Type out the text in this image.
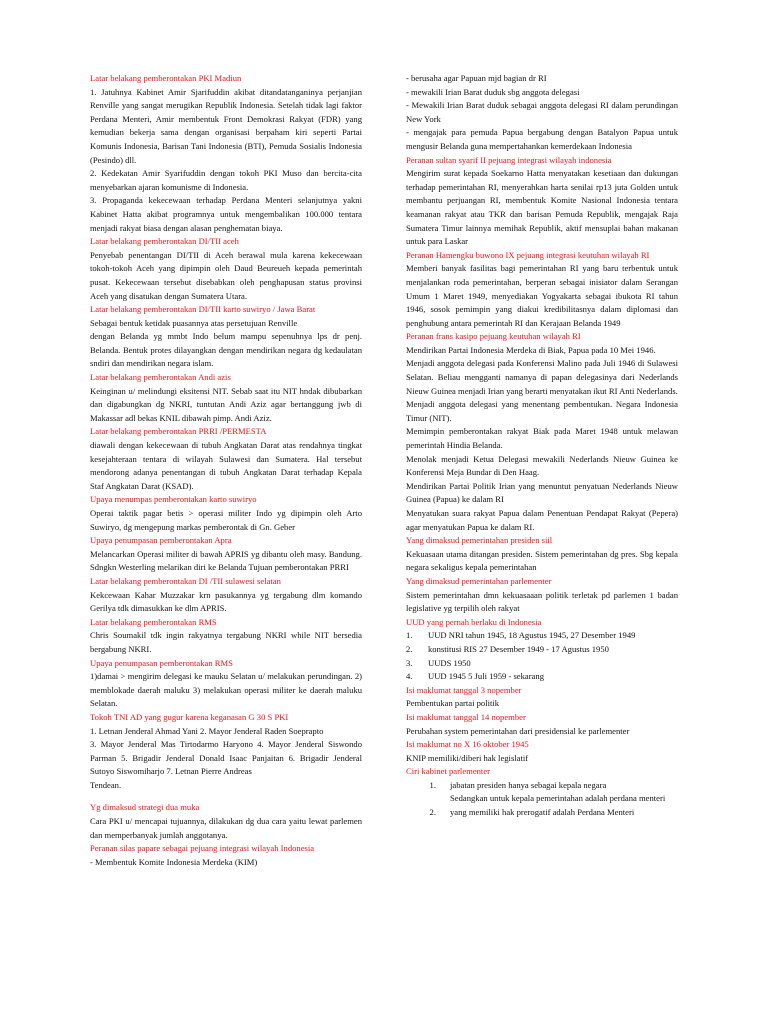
Latar belakang pemberontakan PKI Madiun
1. Jatuhnya Kabinet Amir Sjarifuddin akibat ditandatanganinya perjanjian Renville yang sangat merugikan Republik Indonesia. Setelah tidak lagi faktor Perdana Menteri, Amir membentuk Front Demokrasi Rakyat (FDR) yang kemudian bekerja sama dengan organisasi berpaham kiri seperti Partai Komunis Indonesia, Barisan Tani Indonesia (BTI), Pemuda Sosialis Indonesia (Pesindo) dll.
2. Kedekatan Amir Syarifuddin dengan tokoh PKI Muso dan bercita-cita menyebarkan ajaran komunisme di Indonesia.
3. Propaganda kekecewaan terhadap Perdana Menteri selanjutnya yakni Kabinet Hatta akibat programnya untuk mengembalikan 100.000 tentara menjadi rakyat biasa dengan alasan penghematan biaya.
Latar belakang pemberontakan DI/TII aceh
Penyebab penentangan DI/TII di Aceh berawal mula karena kekecewaan tokoh-tokoh Aceh yang dipimpin oleh Daud Beureueh kepada pemerintah pusat. Kekecewaan tersebut disebabkan oleh penghapusan status provinsi Aceh yang disatukan dengan Sumatera Utara.
Latar belakang pemberontakan DI/TII karto suwiryo / Jawa Barat
Sebagai bentuk ketidak puasannya atas persetujuan Renville
dengan Belanda yg mmbt Indo belum mampu sepenuhnya lps dr penj. Belanda. Bentuk protes dilayangkan dengan mendirikan negara dg kedaulatan sndiri dan mendirikan negara islam.
Latar belakang pemberontakan Andi azis
Keinginan u/ melindungi eksitensi NIT. Sebab saat itu NIT hndak dibubarkan dan digabungkan dg NKRI, tuntutan Andi Aziz agar bertanggung jwb di Makassar adl bekas KNIL dibawah pimp. Andi Aziz.
Latar belakang pemberontakan PRRI /PERMESTA
diawali dengan kekecewaan di tubuh Angkatan Darat atas rendahnya tingkat kesejahteraan tentara di wilayah Sulawesi dan Sumatera. Hal tersebut mendorong adanya penentangan di tubuh Angkatan Darat terhadap Kepala Staf Angkatan Darat (KSAD).
Upaya menumpas pemberontakan karto suwiryo
Operai taktik pagar betis > operasi militer Indo yg dipimpin oleh Arto Suwiryo, dg mengepung markas pemberontak di Gn. Geber
Upaya penumpasan pemberontakan Apra
Melancarkan Operasi militer di bawah APRIS yg dibantu oleh masy. Bandung. Sdngkn Westerling melarikan diri ke Belanda Tujuan pemberontakan PRRI
Latar belakang pemberontakan DI /TII sulawesi selatan
Kekcewaan Kahar Muzzakar krn pasukannya yg tergabung dlm komando Gerilya tdk dimasukkan ke dlm APRIS.
Latar belakang pemberontakan RMS
Chris Soumakil tdk ingin rakyatnya tergabung NKRI while NIT bersedia bergabung NKRI.
Upaya penumpasan pemberontakan RMS
1)damai > mengirim delegasi ke mauku Selatan u/ melakukan perundingan. 2) memblokade daerah maluku 3) melakukan operasi militer ke daerah maluku Selatan.
Tokoh TNI AD yang gugur karena keganasan G 30 S PKI
1. Letnan Jenderal Ahmad Yani 2. Mayor Jenderal Raden Soeprapto
3. Mayor Jenderal Mas Tirtodarmo Haryono 4. Mayor Jenderal Siswondo Parman 5. Brigadir Jenderal Donald Isaac Panjaitan 6. Brigadir Jenderal Sutoyo Siswomiharjo 7. Letnan Pierre Andreas
Tendean.
Yg dimaksud strategi dua muka
Cara PKI u/ mencapai tujuannya, dilakukan dg dua cara yaitu lewat parlemen dan memperbanyak jumlah anggotanya.
Peranan silas papare sebagai pejuang integrasi wilayah Indonesia
- Membentuk Komite Indonesia Merdeka (KIM)
- berusaha agar Papuan mjd bagian dr RI
- mewakili Irian Barat duduk sbg anggota delegasi
- Mewakili Irian Barat duduk sebagai anggota delegasi RI dalam perundingan New York
- mengajak para pemuda Papua bergabung dengan Batalyon Papua untuk mengusir Belanda guna mempertahankan kemerdekaan Indonesia
Peranan sultan syarif II pejuang integrasi wilayah indonesia
Mengirim surat kepada Soekarno Hatta menyatakan kesetiaan dan dukungan terhadap pemerintahan RI, menyerahkan harta senilai rp13 juta Golden untuk membantu perjuangan RI, membentuk Komite Nasional Indonesia tentara keamanan rakyat atau TKR dan barisan Pemuda Republik, mengajak Raja Sumatera Timur lainnya memihak Republik, aktif mensuplai bahan makanan untuk para Laskar
Peranan Hamengku buwono IX pejuang integrasi keutuhan wilayah RI
Memberi banyak fasilitas bagi pemerintahan RI yang baru terbentuk untuk menjalankan roda pemerintahan, berperan sebagai inisiator dalam Serangan Umum 1 Maret 1949, menyediakan Yogyakarta sebagai ibukota RI tahun 1946, sosok pemimpin yang diakui kredibilitasnya dalam diplomasi dan penghubung antara pemerintah RI dan Kerajaan Belanda 1949
Peranan frans kasipo pejuang keutuhan wilayah RI
Mendirikan Partai Indonesia Merdeka di Biak, Papua pada 10 Mei 1946.
Menjadi anggota delegasi pada Konferensi Malino pada Juli 1946 di Sulawesi Selatan. Beliau mengganti namanya di papan delegasinya dari Nederlands Nieuw Guinea menjadi Irian yang berarti menyatakan ikut RI Anti Nederlands.
Menjadi anggota delegasi yang menentang pembentukan. Negara Indonesia Timur (NIT).
Memimpin pemberontakan rakyat Biak pada Maret 1948 untuk melawan pemerintah Hindia Belanda.
Menolak menjadi Ketua Delegasi mewakili Nederlands Nieuw Guinea ke Konferensi Meja Bundar di Den Haag.
Mendirikan Partai Politik Irian yang menuntut penyatuan Nederlands Nieuw Guinea (Papua) ke dalam RI
Menyatukan suara rakyat Papua dalam Penentuan Pendapat Rakyat (Pepera) agar menyatukan Papua ke dalam RI.
Yang dimaksud pemerintahan presiden siil
Kekuasaan utama ditangan presiden. Sistem pemerintahan dg pres. Sbg kepala negara sekaligus kepala pemerintahan
Yang dimaksud pemerintahan parlementer
Sistem pemerintahan dmn kekuasaaan politik terletak pd parlemen 1 badan legislative yg terpilih oleh rakyat
UUD yang pernah berlaku di Indonesia
1.	UUD NRI tahun 1945, 18 Agustus 1945, 27 Desember 1949
2.	konstitusi RIS 27 Desember 1949 - 17 Agustus 1950
3.	UUDS 1950
4.	UUD 1945 5 Juli 1959 - sekarang
Isi maklumat tanggal 3 nopember
Pembentukan partai politik
Isi maklumat tanggal 14 nopember
Perubahan system pemerintahan dari presidensial ke parlementer
Isi maklumat no X 16 oktober 1945
KNIP memiliki/diberi hak legislatif
Ciri kabinet parlementer
1.	jabatan presiden hanya sebagai kepala negara
Sedangkan untuk kepala pemerintahan adalah perdana menteri
2.	yang memiliki hak prerogatif adalah Perdana Menteri
